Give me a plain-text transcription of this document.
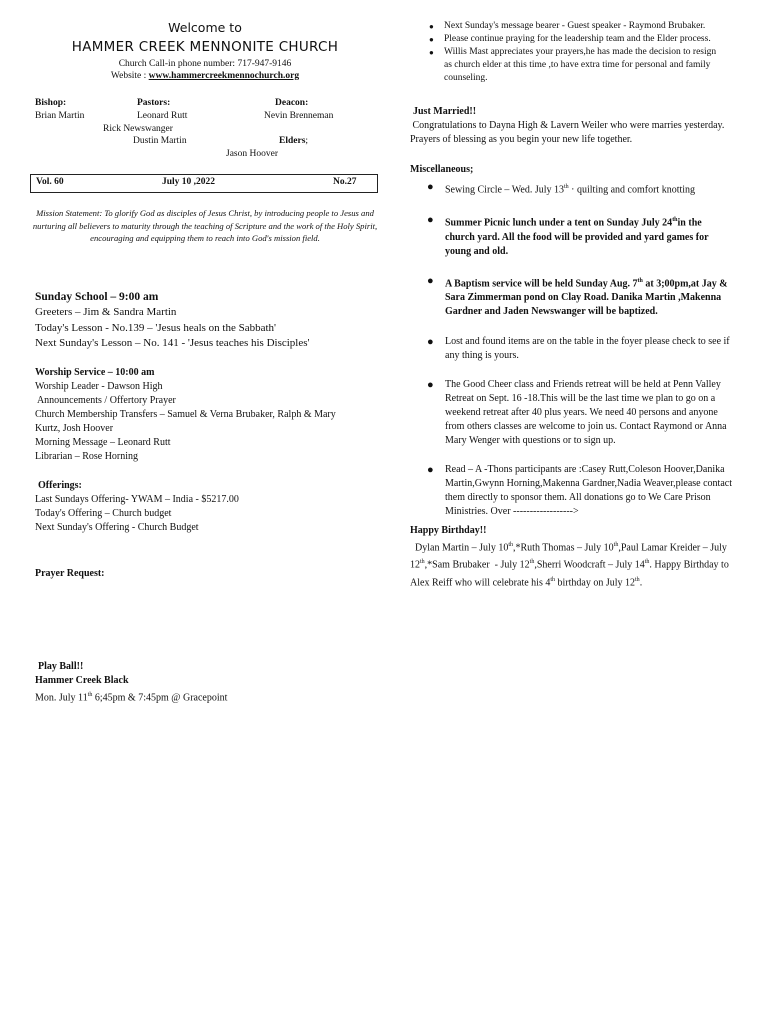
Welcome to
HAMMER CREEK MENNONITE CHURCH
Church Call-in phone number: 717-947-9146
Website : www.hammercreekmennochurch.org
Bishop:
Brian Martin
Pastors:
Leonard Rutt
Rick Newswanger
Dustin Martin
Deacon:
Nevin Brenneman
Elders;
Jason Hoover
Vol. 60	July 10 ,2022	No.27
Mission Statement: To glorify God as disciples of Jesus Christ, by introducing people to Jesus and nurturing all believers to maturity through the teaching of Scripture and the work of the Holy Spirit, encouraging and equipping them to reach into God's mission field.
Sunday School – 9:00 am
Greeters – Jim & Sandra Martin
Today's Lesson - No.139 – 'Jesus heals on the Sabbath'
Next Sunday's Lesson – No. 141 - 'Jesus teaches his Disciples'
Worship Service – 10:00 am
Worship Leader - Dawson High
Announcements / Offertory Prayer
Church Membership Transfers – Samuel & Verna Brubaker, Ralph & Mary
Kurtz, Josh Hoover
Morning Message – Leonard Rutt
Librarian – Rose Horning
Offerings:
Last Sundays Offering- YWAM – India - $5217.00
Today's Offering – Church budget
Next Sunday's Offering - Church Budget
Prayer Request:
Play Ball!!
Hammer Creek Black
Mon. July 11th 6;45pm & 7:45pm @ Gracepoint
● Next Sunday's message bearer - Guest speaker - Raymond Brubaker.
● Please continue praying for the leadership team and the Elder process.
● Willis Mast appreciates your prayers,he has made the decision to resign
as church elder at this time ,to have extra time for personal and family
counseling.
Just Married!!
Congratulations to Dayna High & Lavern Weiler who were marries yesterday.
Prayers of blessing as you begin your new life together.
Miscellaneous;
● Sewing Circle – Wed. July 13th · quilting and comfort knotting
● Summer Picnic lunch under a tent on Sunday July 24thin the
church yard. All the food will be provided and yard games for
young and old.
● A Baptism service will be held Sunday Aug. 7th at 3;00pm,at Jay &
Sara Zimmerman pond on Clay Road. Danika Martin ,Makenna
Gardner and Jaden Newswanger will be baptized.
● Lost and found items are on the table in the foyer please check to see if
any thing is yours.
● The Good Cheer class and Friends retreat will be held at Penn Valley
Retreat on Sept. 16 -18.This will be the last time we plan to go on a
weekend retreat after 40 plus years. We need 40 persons and anyone
from others classes are welcome to join us. Contact Raymond or Anna
Mary Wenger with questions or to sign up.
● Read – A -Thons participants are :Casey Rutt,Coleson Hoover,Danika
Martin,Gwynn Horning,Makenna Gardner,Nadia Weaver,please contact
them directly to sponsor them. All donations go to We Care Prison
Ministries. Over ------------------>
Happy Birthday!!
Dylan Martin – July 10th,*Ruth Thomas – July 10th,Paul Lamar Kreider – July
12th,*Sam Brubaker  - July 12th,Sherri Woodcraft – July 14th. Happy Birthday to
Alex Reiff who will celebrate his 4th birthday on July 12th.
